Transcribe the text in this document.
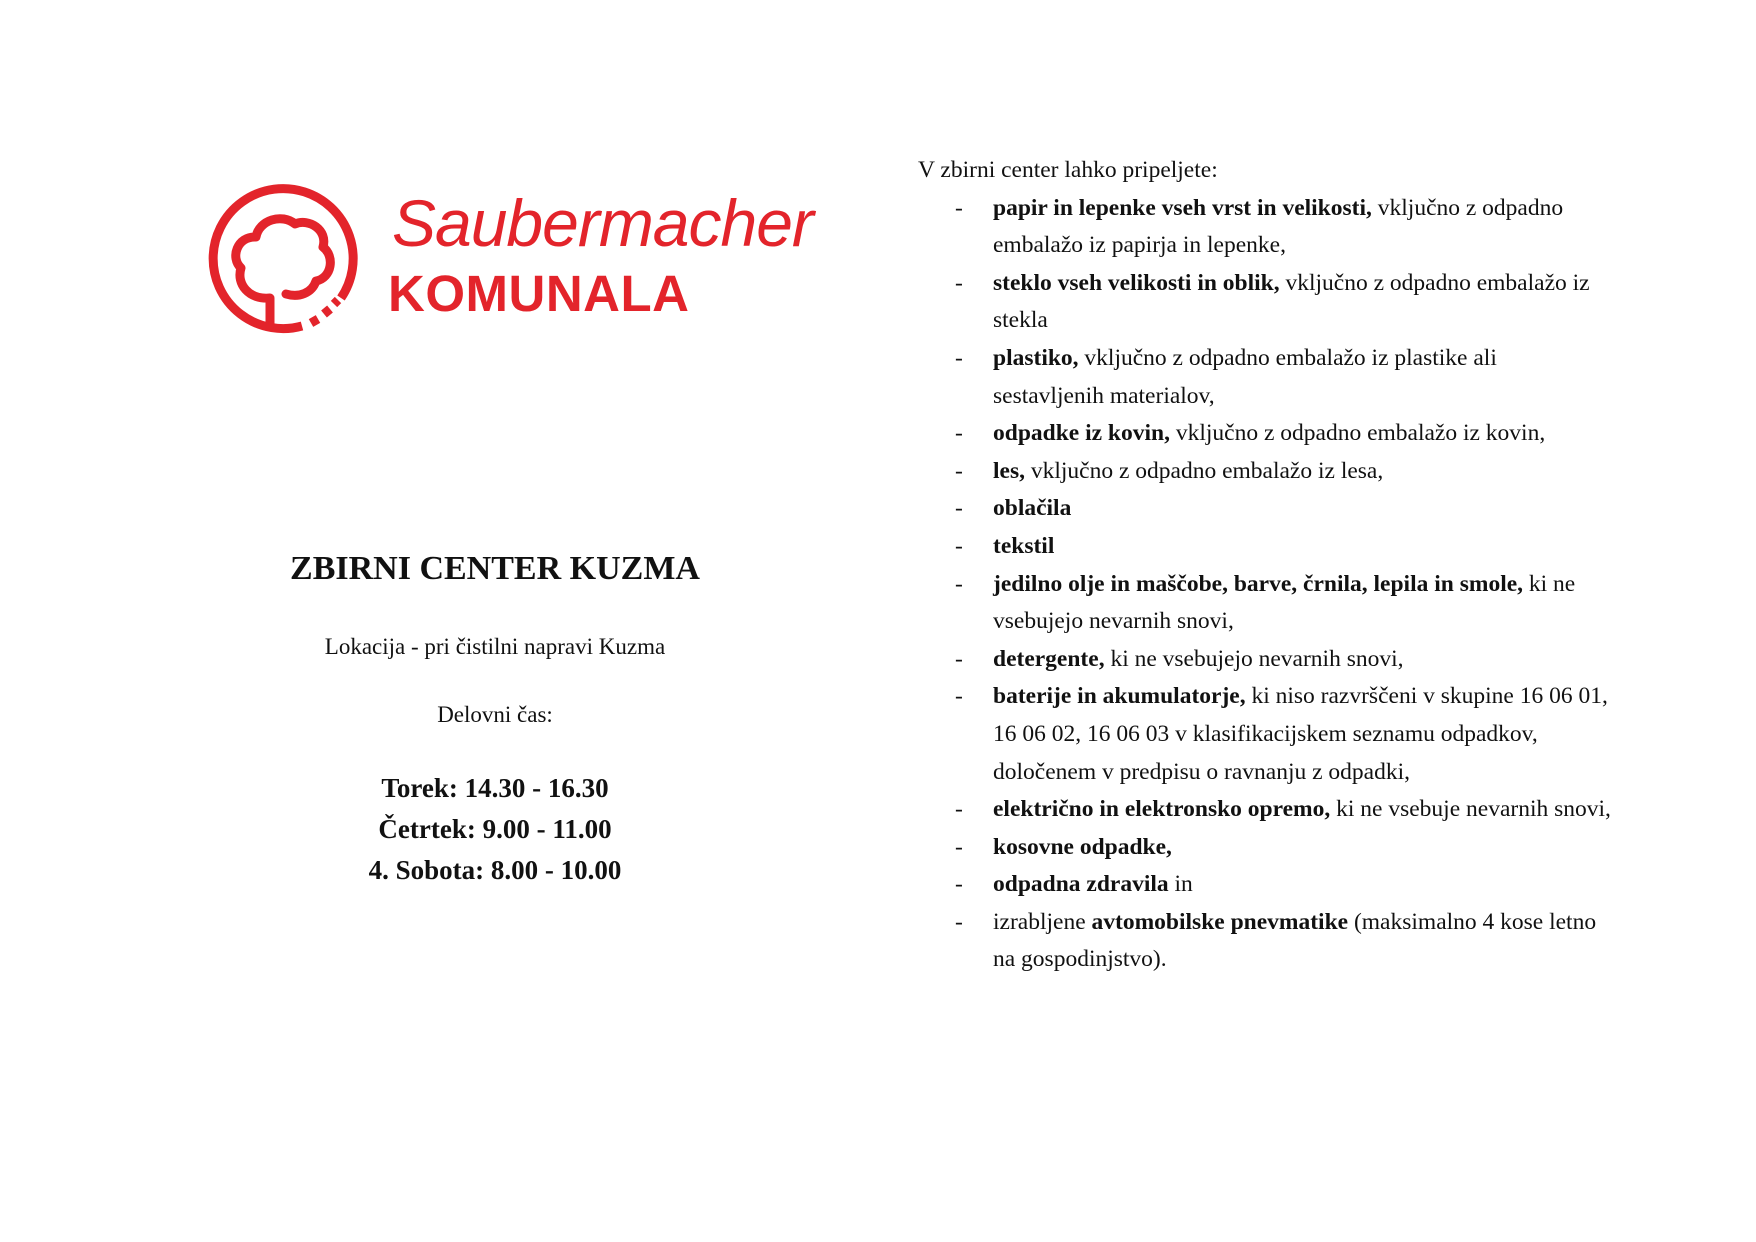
Saubermacher
KOMUNALA
ZBIRNI CENTER KUZMA
Lokacija - pri čistilni napravi Kuzma
Delovni čas:
Torek: 14.30 - 16.30
Četrtek: 9.00 - 11.00
4. Sobota: 8.00 - 10.00

V zbirni center lahko pripeljete:

- papir in lepenke vseh vrst in velikosti, vključno z odpadno embalažo iz papirja in lepenke,
- steklo vseh velikosti in oblik, vključno z odpadno embalažo iz stekla
- plastiko, vključno z odpadno embalažo iz plastike ali sestavljenih materialov,
- odpadke iz kovin, vključno z odpadno embalažo iz kovin,
- les, vključno z odpadno embalažo iz lesa,
- oblačila
- tekstil
- jedilno olje in maščobe, barve, črnila, lepila in smole, ki ne vsebujejo nevarnih snovi,
- detergente, ki ne vsebujejo nevarnih snovi,
- baterije in akumulatorje, ki niso razvrščeni v skupine 16 06 01, 16 06 02, 16 06 03 v klasifikacijskem seznamu odpadkov, določenem v predpisu o ravnanju z odpadki,
- električno in elektronsko opremo, ki ne vsebuje nevarnih snovi,
- kosovne odpadke,
- odpadna zdravila in
- izrabljene avtomobilske pnevmatike (maksimalno 4 kose letno na gospodinjstvo).
